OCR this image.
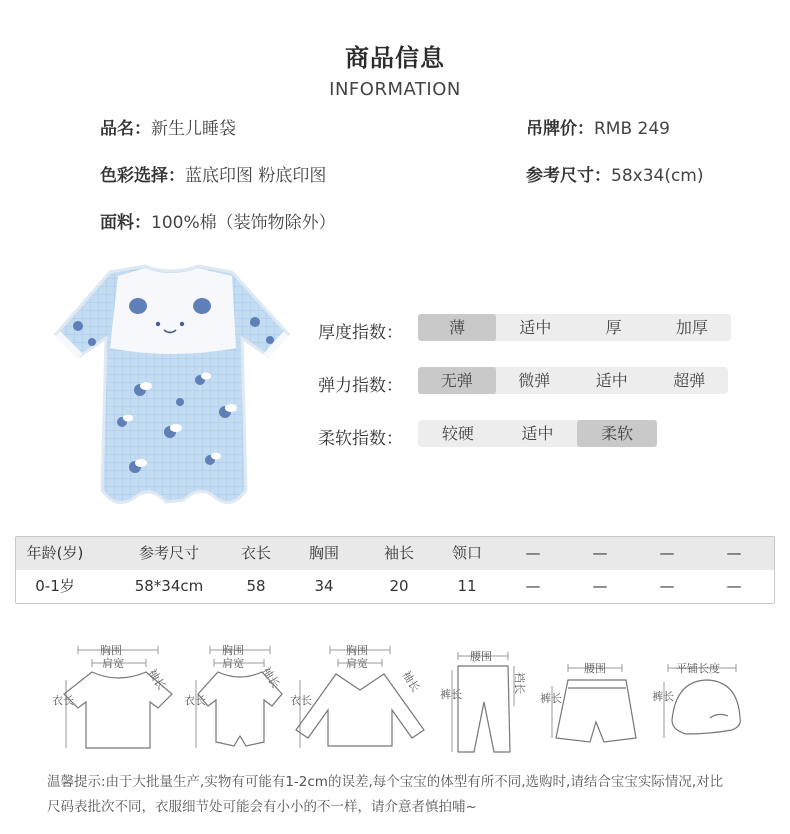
商品信息
INFORMATION
品名：新生儿睡袋	吊牌价：RMB 249
色彩选择：蓝底印图 粉底印图	参考尺寸：58x34(cm)
面料：100%棉（装饰物除外）
厚度指数：	薄	适中	厚	加厚
弹力指数：	无弹	微弹	适中	超弹
柔软指数：	较硬	适中	柔软
年龄(岁)	参考尺寸	衣长	胸围	袖长	领口	—	—	—	—
0-1岁	58*34cm	58	34	20	11	—	—	—	—
胸围
肩宽
袖长
衣长
胸围
肩宽
袖长
衣长
胸围
肩宽
袖长
衣长
腰围
裆长
裤长
腰围
裤长
平铺长度
裤长
温馨提示:由于大批量生产,实物有可能有1-2cm的误差,每个宝宝的体型有所不同,选购时,请结合宝宝实际情况,对比
尺码表批次不同，衣服细节处可能会有小小的不一样，请介意者慎拍哺~
